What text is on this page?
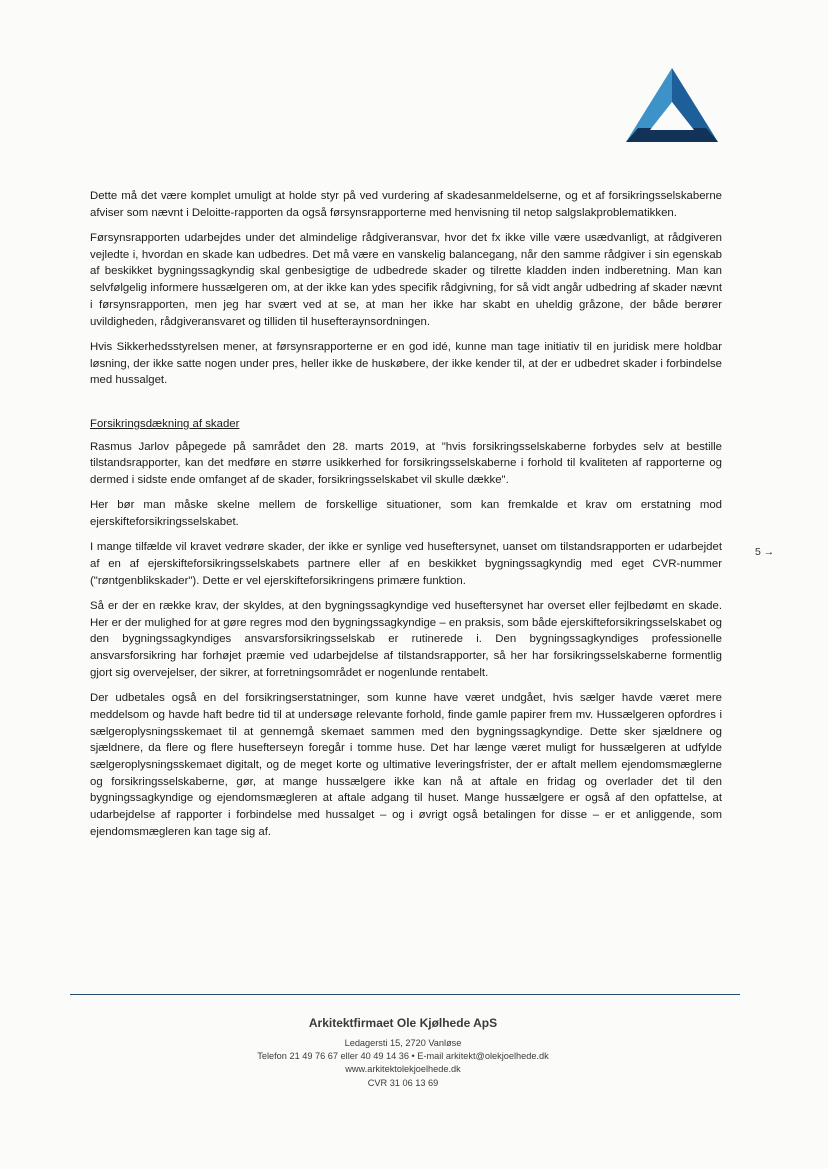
Dette må det være komplet umuligt at holde styr på ved vurdering af skadesanmeldelserne, og et af forsikringsselskaberne afviser som nævnt i Deloitte-rapporten da også førsynsrapporterne med henvisning til netop salgslakproblematikken.

Førsynsrapporten udarbejdes under det almindelige rådgiveransvar, hvor det fx ikke ville være usædvanligt, at rådgiveren vejledte i, hvordan en skade kan udbedres. Det må være en vanskelig balancegang, når den samme rådgiver i sin egenskab af beskikket bygningssagkyndig skal genbesigtige de udbedrede skader og tilrette kladden inden indberetning. Man kan selvfølgelig informere hussælgeren om, at der ikke kan ydes specifik rådgivning, for så vidt angår udbedring af skader nævnt i førsynsrapporten, men jeg har svært ved at se, at man her ikke har skabt en uheldig gråzone, der både berører uvildigheden, rådgiveransvaret og tilliden til husefteraynsordningen.

Hvis Sikkerhedsstyrelsen mener, at førsynsrapporterne er en god idé, kunne man tage initiativ til en juridisk mere holdbar løsning, der ikke satte nogen under pres, heller ikke de huskøbere, der ikke kender til, at der er udbedret skader i forbindelse med hussalget.

Forsikringsdækning af skader

Rasmus Jarlov påpegede på samrådet den 28. marts 2019, at "hvis forsikringsselskaberne forbydes selv at bestille tilstandsrapporter, kan det medføre en større usikkerhed for forsikringsselskaberne i forhold til kvaliteten af rapporterne og dermed i sidste ende omfanget af de skader, forsikringsselskabet vil skulle dække".

Her bør man måske skelne mellem de forskellige situationer, som kan fremkalde et krav om erstatning mod ejerskifteforsikringsselskabet.

I mange tilfælde vil kravet vedrøre skader, der ikke er synlige ved huseftersynet, uanset om tilstandsrapporten er udarbejdet af en af ejerskifteforsikringsselskabets partnere eller af en beskikket bygningssagkyndig med eget CVR-nummer ("røntgenblikskader"). Dette er vel ejerskifteforsikringens primære funktion.

Så er der en række krav, der skyldes, at den bygningssagkyndige ved huseftersynet har overset eller fejlbedømt en skade. Her er der mulighed for at gøre regres mod den bygningssagkyndige – en praksis, som både ejerskifteforsikringsselskabet og den bygningssagkyndiges ansvarsforsikringsselskab er rutinerede i. Den bygningssagkyndiges professionelle ansvarsforsikring har forhøjet præmie ved udarbejdelse af tilstandsrapporter, så her har forsikringsselskaberne formentlig gjort sig overvejelser, der sikrer, at forretningsområdet er nogenlunde rentabelt.

Der udbetales også en del forsikringserstatninger, som kunne have været undgået, hvis sælger havde været mere meddelsom og havde haft bedre tid til at undersøge relevante forhold, finde gamle papirer frem mv. Hussælgeren opfordres i sælgeroplysningsskemaet til at gennemgå skemaet sammen med den bygningssagkyndige. Dette sker sjældnere og sjældnere, da flere og flere husefterseyn foregår i tomme huse. Det har længe været muligt for hussælgeren at udfylde sælgeroplysningsskemaet digitalt, og de meget korte og ultimative leveringsfrister, der er aftalt mellem ejendomsmæglerne og forsikringsselskaberne, gør, at mange hussælgere ikke kan nå at aftale en fridag og overlader det til den bygningssagkyndige og ejendomsmægleren at aftale adgang til huset. Mange hussælgere er også af den opfattelse, at udarbejdelse af rapporter i forbindelse med hussalget – og i øvrigt også betalingen for disse – er et anliggende, som ejendomsmægleren kan tage sig af.

5 →
Arkitektfirmaet Ole Kjølhede ApS
Ledagersti 15, 2720 Vanløse
Telefon 21 49 76 67 eller 40 49 14 36 • E-mail arkitekt@olekjoelhede.dk
www.arkitektolekjoelhede.dk
CVR 31 06 13 69
